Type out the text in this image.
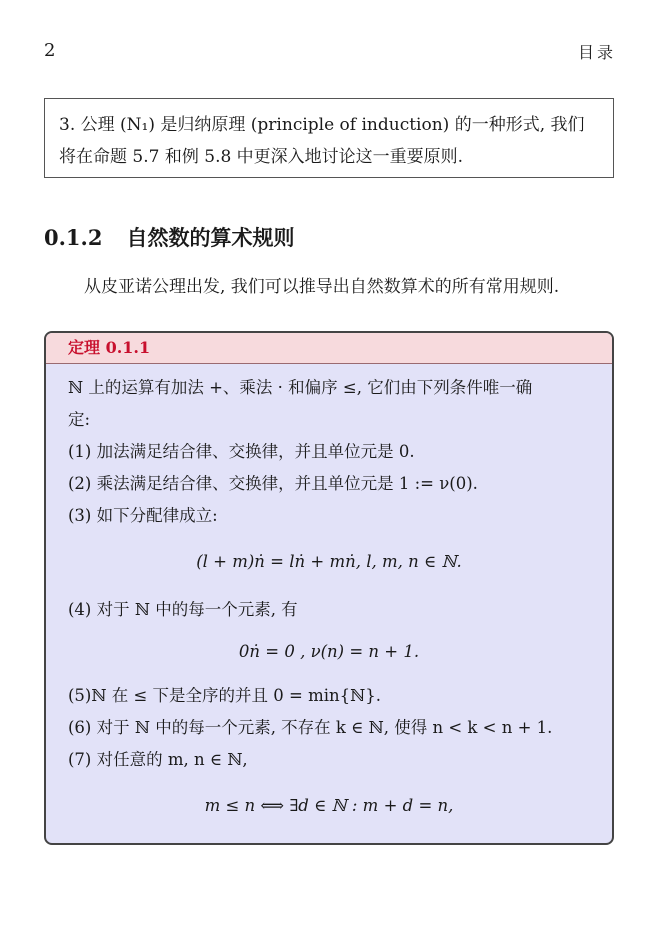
2	目录
3. 公理 (N₁) 是归纳原理 (principle of induction) 的一种形式, 我们
将在命题 5.7 和例 5.8 中更深入地讨论这一重要原则.
0.1.2 自然数的算术规则
从皮亚诺公理出发, 我们可以推导出自然数算术的所有常用规则.
定理 0.1.1
ℕ 上的运算有加法 +、乘法 · 和偏序 ≤, 它们由下列条件唯一确
定:
(1) 加法满足结合律、交换律，并且单位元是 0.
(2) 乘法满足结合律、交换律，并且单位元是 1 := ν(0).
(3) 如下分配律成立:
(l + m)ṅ = lṅ + mṅ, l, m, n ∈ ℕ.
(4) 对于 ℕ 中的每一个元素, 有
0ṅ = 0 , ν(n) = n + 1.
(5)ℕ 在 ≤ 下是全序的并且 0 = min{ℕ}.
(6) 对于 ℕ 中的每一个元素, 不存在 k ∈ ℕ, 使得 n < k < n + 1.
(7) 对任意的 m, n ∈ ℕ,
m ≤ n ⟺ ∃d ∈ ℕ : m + d = n,
